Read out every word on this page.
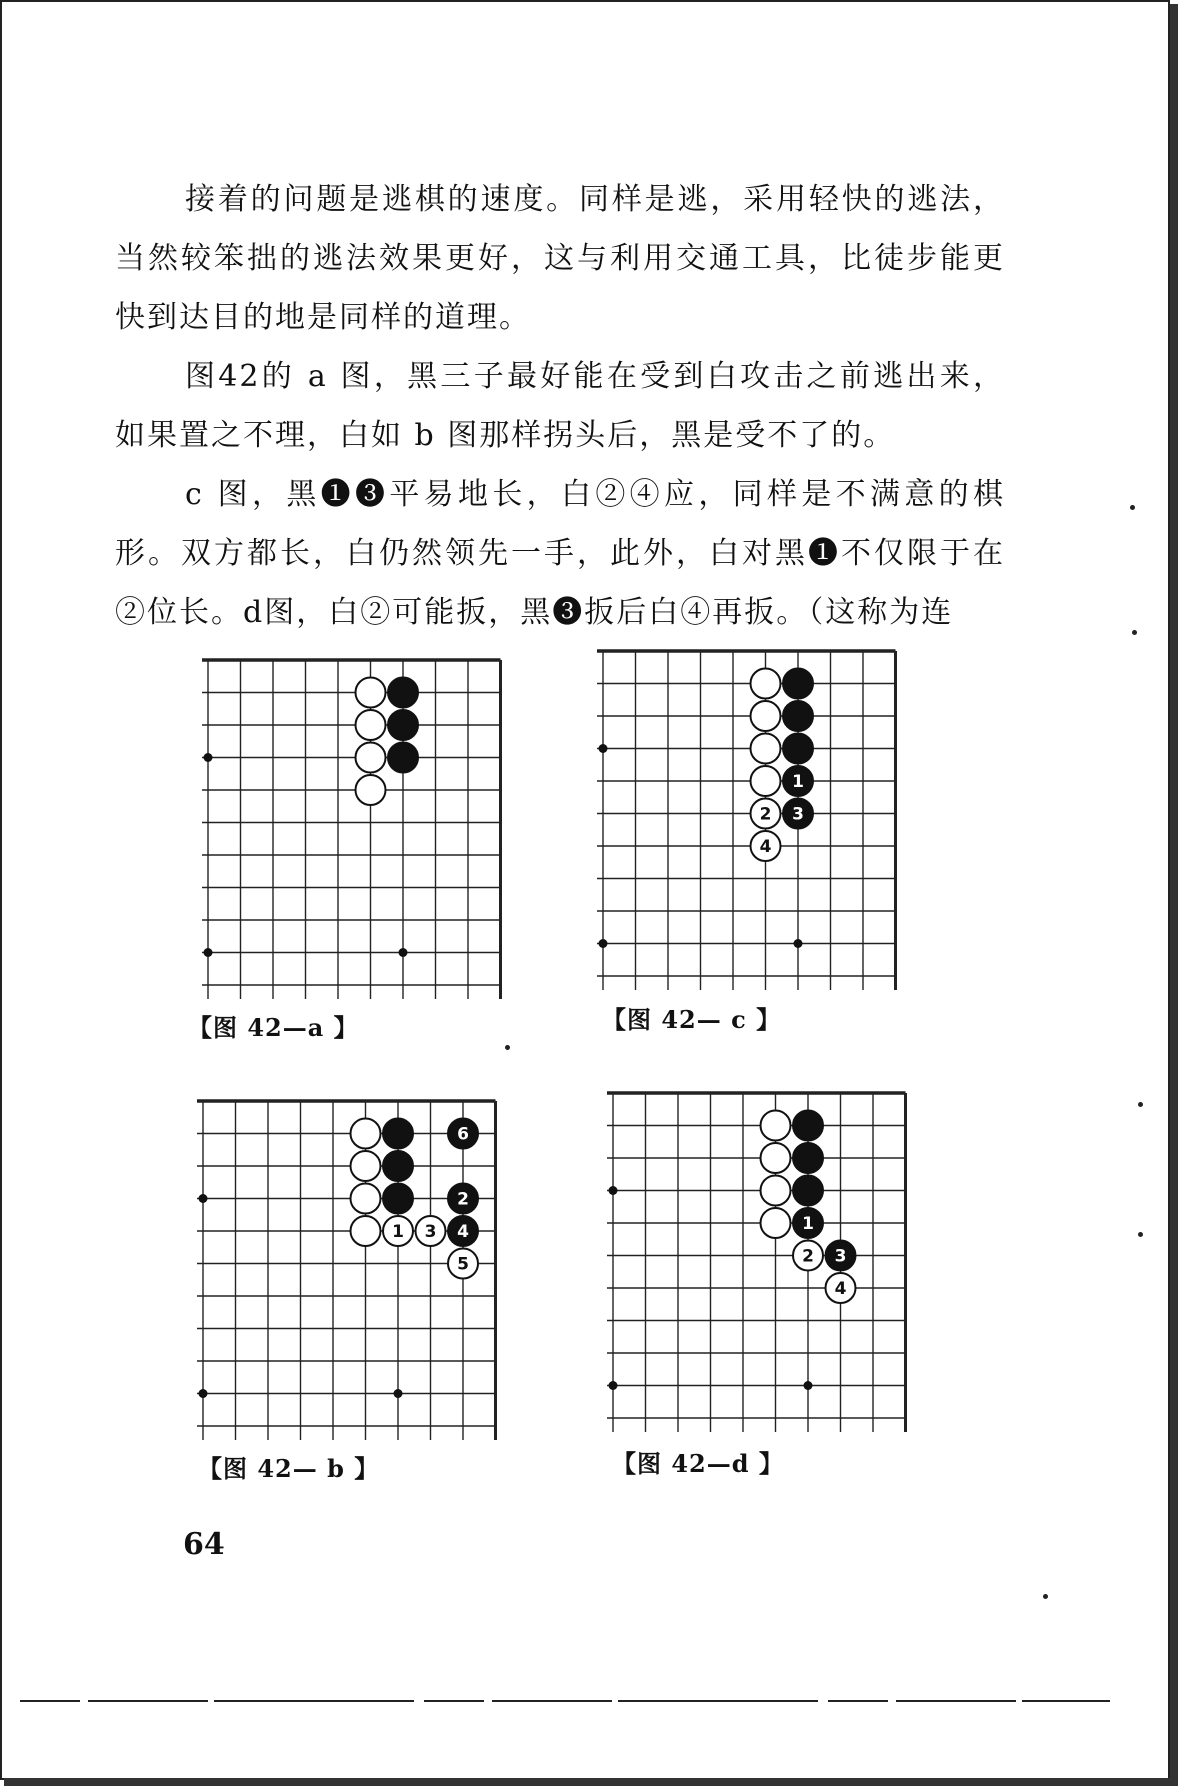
接着的问题是逃棋的速度。同样是逃，采用轻快的逃法，当然较笨拙的逃法效果更好，这与利用交通工具，比徒步能更快到达目的地是同样的道理。

图42的 a 图，黑三子最好能在受到白攻击之前逃出来，如果置之不理，白如 b 图那样拐头后，黑是受不了的。

c 图，黑❶❸平易地长，白②④应，同样是不满意的棋形。双方都长，白仍然领先一手，此外，白对黑❶不仅限于在②位长。d图，白②可能扳，黑❸扳后白④再扳。（这称为连

【图 42—a 】
1
2 3
4
【图 42— c 】
1 3 4
2
6
5
【图 42— b 】
1
2 3
4
【图 42—d 】
64
